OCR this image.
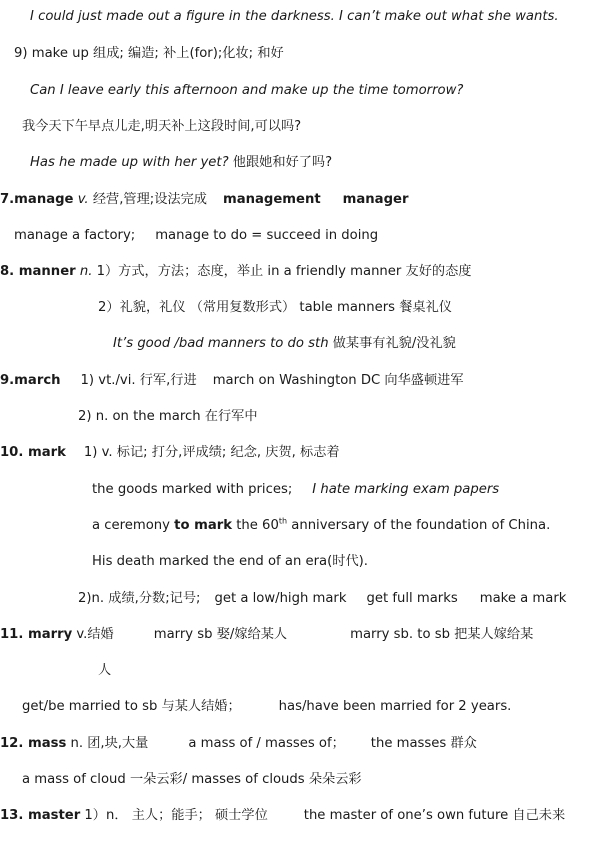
I could just made out a figure in the darkness. I can’t make out what she wants.
9) make up 组成; 编造; 补上(for);化妆; 和好
Can I leave early this afternoon and make up the time tomorrow?
我今天下午早点儿走,明天补上这段时间,可以吗?
Has he made up with her yet? 他跟她和好了吗?
7.manage v. 经营,管理;设法完成 management manager
manage a factory; manage to do = succeed in doing
8. manner n. 1）方式，方法；态度，举止 in a friendly manner 友好的态度
2）礼貌，礼仪 （常用复数形式） table manners 餐桌礼仪
It’s good /bad manners to do sth 做某事有礼貌/没礼貌
9.march 1) vt./vi. 行军,行进 march on Washington DC 向华盛顿进军
2) n. on the march 在行军中
10. mark 1) v. 标记; 打分,评成绩; 纪念, 庆贺, 标志着
the goods marked with prices; I hate marking exam papers
a ceremony to mark the 60th anniversary of the foundation of China.
His death marked the end of an era(时代).
2)n. 成绩,分数;记号; get a low/high mark get full marks make a mark
11. marry v.结婚	marry sb 娶/嫁给某人	marry sb. to sb 把某人嫁给某
人
get/be married to sb 与某人结婚；	has/have been married for 2 years.
12. mass n. 团,块,大量	a mass of / masses of； the masses 群众
a mass of cloud 一朵云彩/ masses of clouds 朵朵云彩
13. master 1）n． 主人；能手； 硕士学位	the master of one’s own future 自己未来
